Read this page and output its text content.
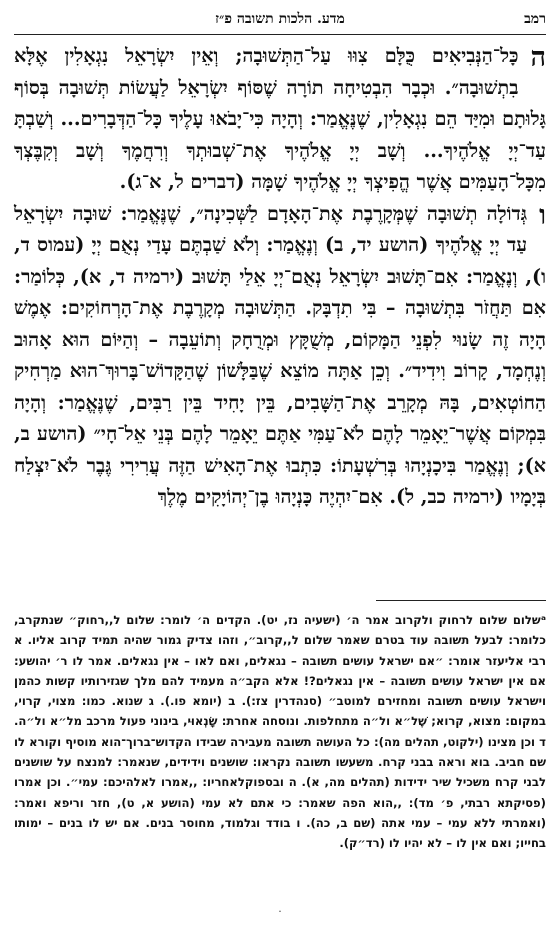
רמב
מדע. הלכות תשובה פ״ז

ה
כָּל־הַנְּבִיאִים כֻּלָּם צִוּוּ עַל־הַתְּשׁוּבָה; וְאֵין יִשְׂרָאֵל נִגְאָלִין אֶלָּא בִתְשׁוּבָה״. וּכְבָר הִבְטִיחָה תוֹרָה שֶׁסּוֹף יִשְׂרָאֵל לַעֲשׂוֹת תְּשׁוּבָה בְּסוֹף גָּלוּתָם וּמִיַּד הֵם נִגְאָלִין, שֶׁנֶּאֱמַר: וְהָיָה כִּי־יָבֹאוּ עָלֶיךָ כָּל־הַדְּבָרִים... וְשַׁבְתָּ עַד־יְיָ אֱלֹהֶיךָ... וְשָׁב יְיָ אֱלֹהֶיךָ אֶת־שְׁבוּתְךָ וְרִחֲמֶךָ וְשָׁב וְקִבֶּצְךָ מִכָּל־הָעַמִּים אֲשֶׁר הֱפִיצְךָ יְיָ אֱלֹהֶיךָ שָׁמָּה (דברים ל, א־ג).

ו
גְּדוֹלָה תְשׁוּבָה שֶׁמְּקָרֶבֶת אֶת־הָאָדָם לַשְּׁכִינָה״, שֶׁנֶּאֱמַר: שׁוּבָה יִשְׂרָאֵל עַד יְיָ אֱלֹהֶיךָ (הושע יד, ב) וְנֶאֱמַר: וְלֹא שַׁבְתֶּם עָדַי נְאֻם יְיָ (עמוס ד, ו), וְנֶאֱמַר: אִם־תָּשׁוּב יִשְׂרָאֵל נְאֻם־יְיָ אֵלַי תָּשׁוּב (ירמיה ד, א), כְּלוֹמַר: אִם תַּחֲזֹר בִּתְשׁוּבָה – בִּי תִדְבָּק. הַתְּשׁוּבָה מְקָרֶבֶת אֶת־הָרְחוֹקִים: אֶמֶשׁ הָיָה זֶה שָׂנוּי לִפְנֵי הַמָּקוֹם, מְשֻׁקָּץ וּמְרֻחָק וְתוֹעֵבָה – וְהַיּוֹם הוּא אָהוּב וְנֶחְמָד, קָרוֹב וִידִיד״. וְכֵן אַתָּה מוֹצֵא שֶׁבַּלָּשׁוֹן שֶׁהַקָּדוֹשׁ־בָּרוּךְ־הוּא מַרְחִיק הַחוֹטְאִים, בָּהּ מְקָרֵב אֶת־הַשָּׁבִים, בֵּין יָחִיד בֵּין רַבִּים, שֶׁנֶּאֱמַר: וְהָיָה בִּמְקוֹם אֲשֶׁר־יֵאָמֵר לָהֶם לֹא־עַמִּי אַתֶּם יֵאָמֵר לָהֶם בְּנֵי אֵל־חָי״ (הושע ב, א); וְנֶאֱמַר בִּיכָנְיָהוּ בְּרִשְׁעָתוֹ: כִּתְבוּ אֶת־הָאִישׁ הַזֶּה עֲרִירִי גֶּבֶר לֹא־יִצְלַח בְּיָמָיו (ירמיה כב, ל). אִם־יִהְיֶה כָּנְיָהוּ בֶן־יְהוֹיָקִים מֶלֶךְ

ᵃשלום שלום לרחוק ולקרוב אמר ה׳ (ישעיה נז, יט). הקדים ה׳ לומר: שלום ל,,רחוק״ שנתקרב, כלומר: לבעל תשובה עוד בטרם שאמר שלום ל,,קרוב״, וזהו צדיק גמור שהיה תמיד קרוב אליו. א רבי אליעזר אומר: ״אם ישראל עושים תשובה – נגאלים, ואם לאו – אין נגאלים. אמר לו ר׳ יהושע: אם אין ישראל עושים תשובה – אין נגאלים?! אלא הקב״ה מעמיד להם מלך שגזירותיו קשות כהמן וישראל עושים תשובה ומחזירם למוטב״ (סנהדרין צז:). ב (יומא פו.). ג שנוא. כמו: מצוי, קרוי, במקום: מצוא, קרוא; שֶׁל״א ול״ה מתחלפות. ונוסחה אחרת: שָׂנְאוּי, בינוני פעול מרכב מל״א ול״ה. ד וכן מצינו (ילקוט, תהלים מה): כל העושה תשובה מעבירה שבידו הקדוש־ברוך־הוא מוסיף וקורא לו שם חביב. בוא וראה בבני קרח. משעשו תשובה נקראו: שושנים וידידים, שנאמר: למנצח על שושנים לבני קרח משכיל שיר ידידות (תהלים מה, א). ה ובספוקלאחריו: ,,אמרו לאלהיכם: עמי״. וכן אמרו (פסיקתא רבתי, פ׳ מד): ,,הוא הפה שאמר: כי אתם לא עמי (הושע א, ט), חזר וריפא ואמר: (ואמרתי ללא עמי – עמי אתה (שם ב, כה). ו בודד וגלמוד, מחוסר בנים. אם יש לו בנים – ימותו בחייו; ואם אין לו – לא יהיו לו (רד״ק).

·
